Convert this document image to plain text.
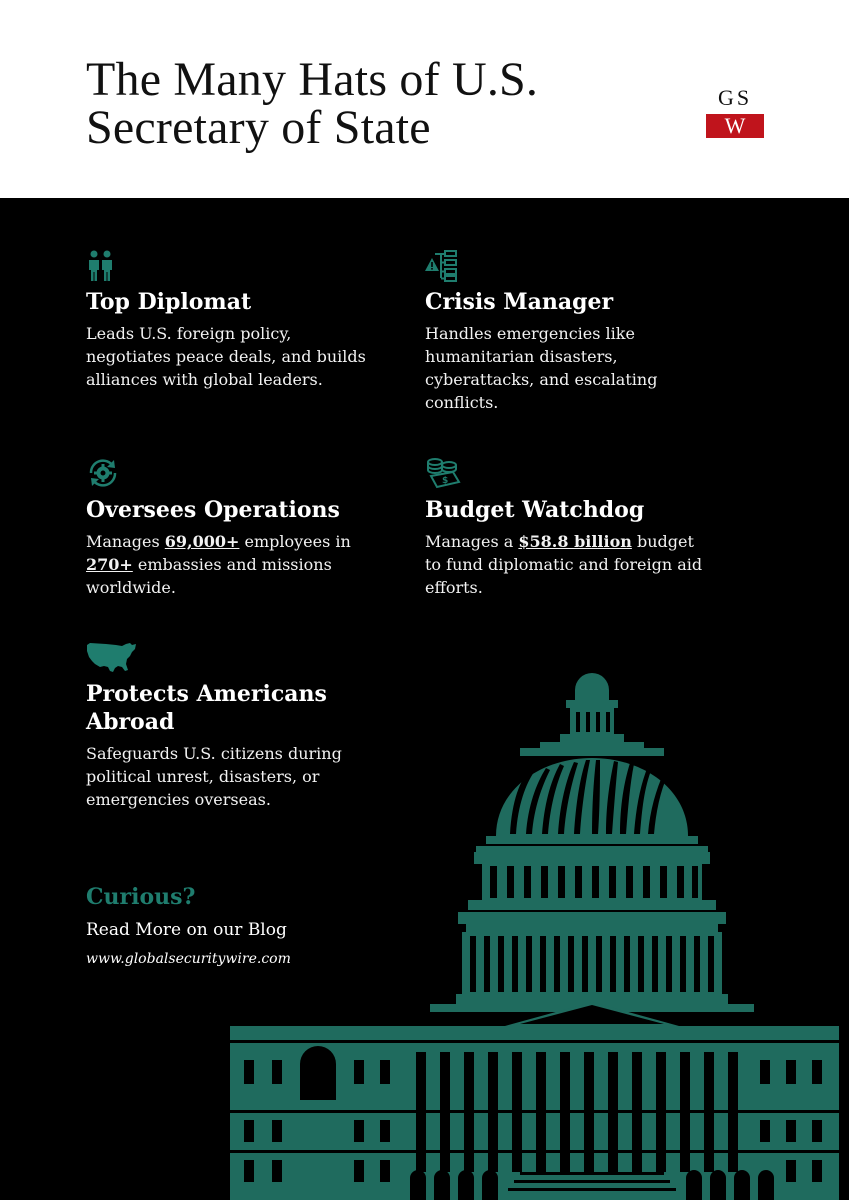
The Many Hats of U.S. Secretary of State
GS
W
Top Diplomat

Leads U.S. foreign policy, negotiates peace deals, and builds alliances with global leaders.

Crisis Manager

Handles emergencies like humanitarian disasters, cyberattacks, and escalating conflicts.

Oversees Operations

Manages 69,000+ employees in 270+ embassies and missions worldwide.

$
Budget Watchdog

Manages a $58.8 billion budget to fund diplomatic and foreign aid efforts.

Protects Americans Abroad

Safeguards U.S. citizens during political unrest, disasters, or emergencies overseas.

Curious?

Read More on our Blog

www.globalsecuritywire.com
